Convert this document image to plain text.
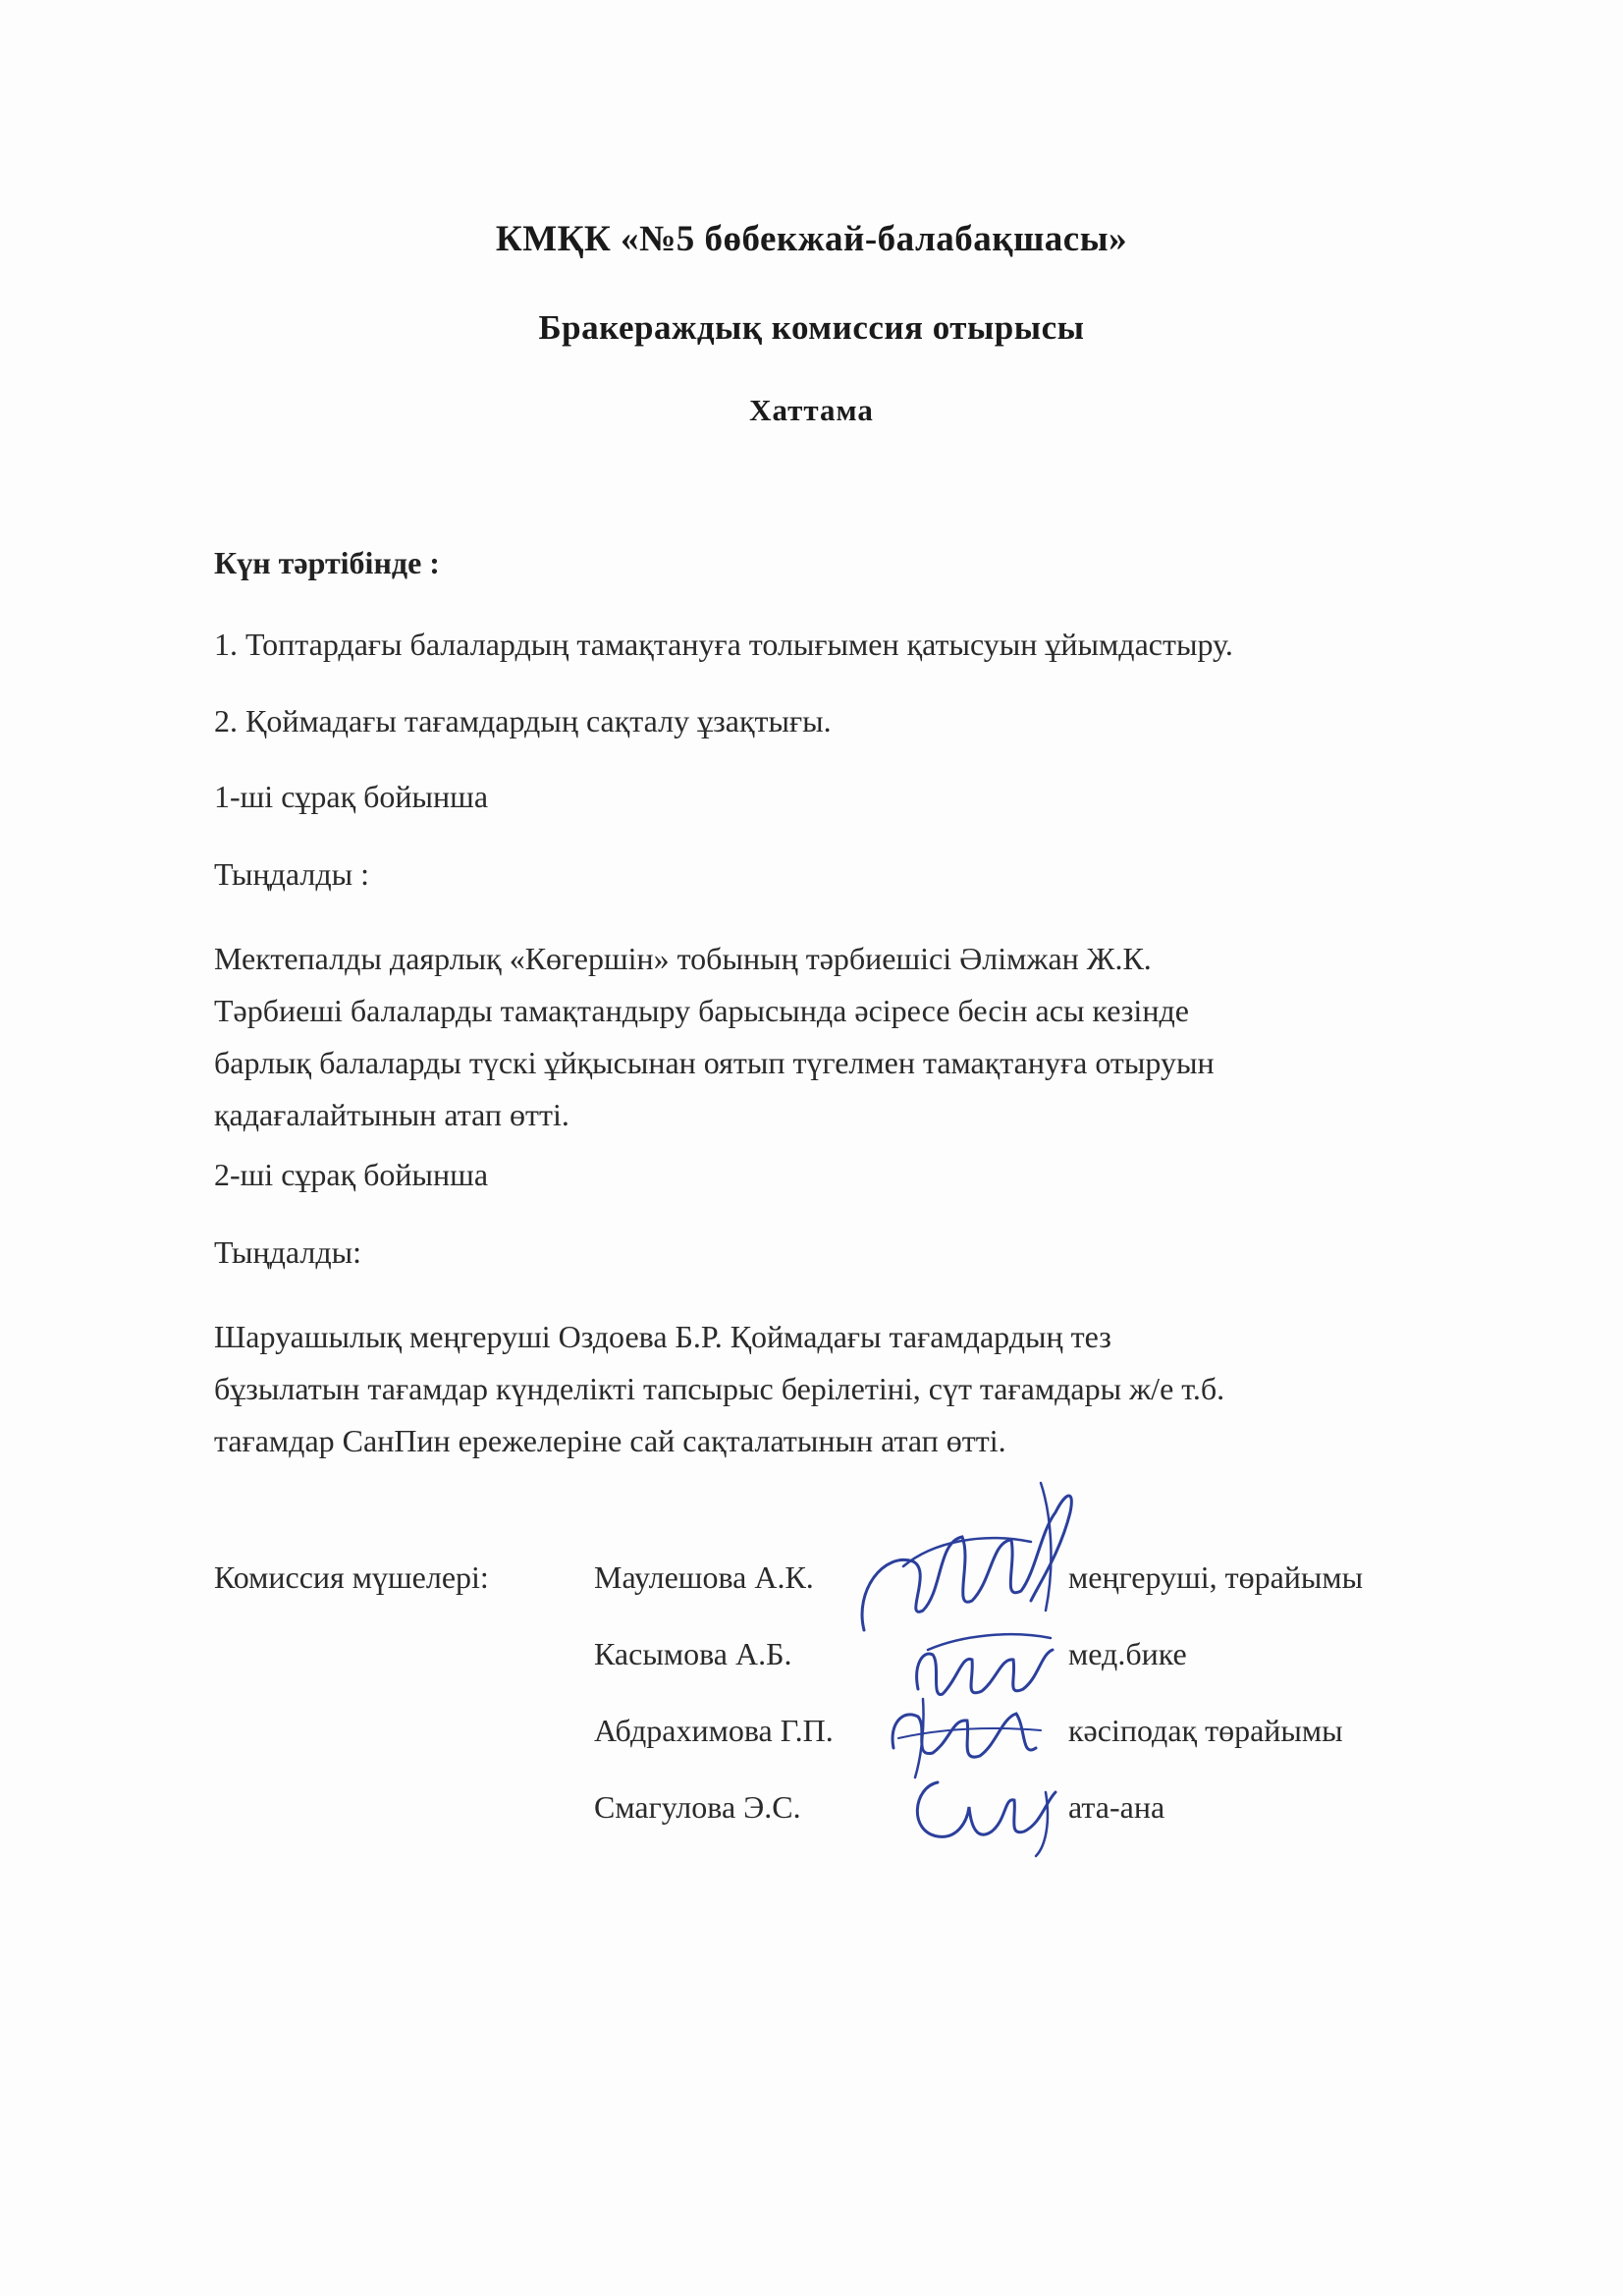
КМҚК «№5 бөбекжай-балабақшасы»
Бракераждық комиссия отырысы
Хаттама
Күн тәртібінде :
1. Топтардағы балалардың тамақтануға толығымен қатысуын ұйымдастыру.
2. Қоймадағы тағамдардың сақталу ұзақтығы.
1-ші сұрақ бойынша
Тыңдалды :
Мектепалды даярлық «Көгершін» тобының тәрбиешісі Әлімжан Ж.К.
Тәрбиеші балаларды тамақтандыру барысында әсіресе бесін асы кезінде
барлық балаларды түскі ұйқысынан оятып түгелмен тамақтануға отыруын
қадағалайтынын атап өтті.
2-ші сұрақ бойынша
Тыңдалды:
Шаруашылық меңгеруші Оздоева Б.Р. Қоймадағы тағамдардың тез
бұзылатын тағамдар күнделікті тапсырыс берілетіні, сүт тағамдары ж/е т.б.
тағамдар СанПин ережелеріне сай сақталатынын атап өтті.
Комиссия мүшелері:	Маулешова А.К.	меңгеруші, төрайымы
Касымова А.Б.	мед.бике
Абдрахимова Г.П.	кәсіподақ төрайымы
Смагулова Э.С.	ата-ана
